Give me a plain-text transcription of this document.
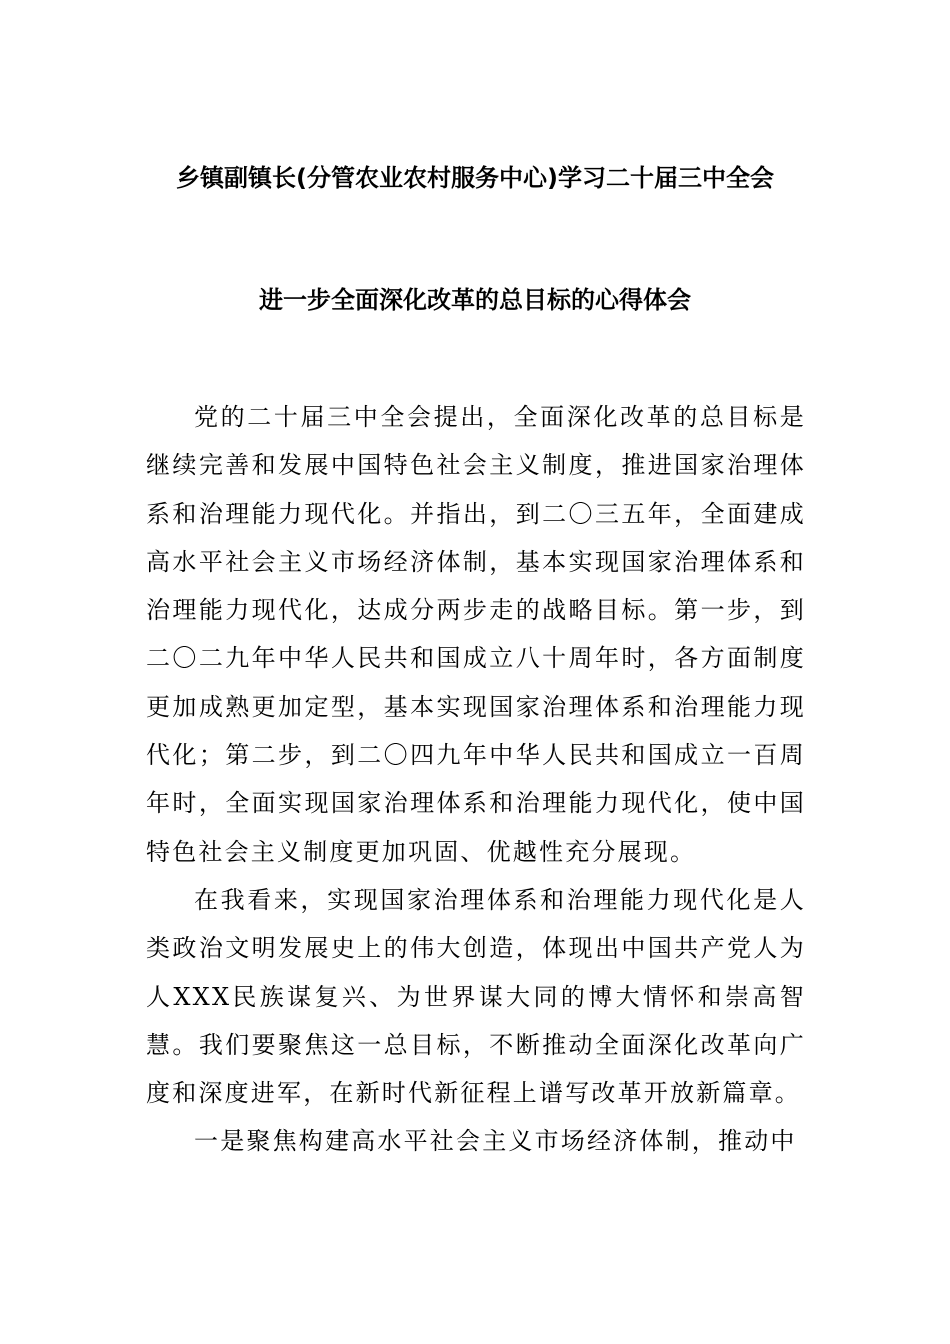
乡镇副镇长(分管农业农村服务中心)学习二十届三中全会
进一步全面深化改革的总目标的心得体会

党的二十届三中全会提出，全面深化改革的总目标是继续完善和发展中国特色社会主义制度，推进国家治理体系和治理能力现代化。并指出，到二〇三五年，全面建成高水平社会主义市场经济体制，基本实现国家治理体系和治理能力现代化，达成分两步走的战略目标。第一步，到二〇二九年中华人民共和国成立八十周年时，各方面制度更加成熟更加定型，基本实现国家治理体系和治理能力现代化；第二步，到二〇四九年中华人民共和国成立一百周年时，全面实现国家治理体系和治理能力现代化，使中国特色社会主义制度更加巩固、优越性充分展现。

在我看来，实现国家治理体系和治理能力现代化是人类政治文明发展史上的伟大创造，体现出中国共产党人为人XXX民族谋复兴、为世界谋大同的博大情怀和崇高智慧。我们要聚焦这一总目标，不断推动全面深化改革向广度和深度进军，在新时代新征程上谱写改革开放新篇章。

一是聚焦构建高水平社会主义市场经济体制，推动中
